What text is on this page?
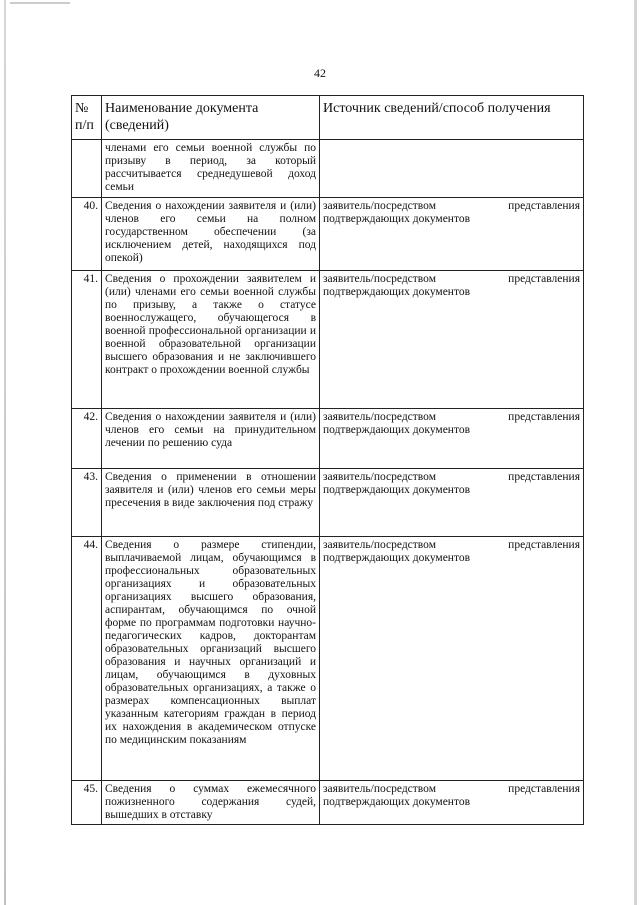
42
№ п/п	Наименование документа (сведений)	Источник сведений/способ получения
	членами его семьи военной службы по призыву в период, за который рассчитывается среднедушевой доход семьи	
40.	Сведения о нахождении заявителя и (или) членов его семьи на полном государственном обеспечении (за исключением детей, находящихся под опекой)	заявитель/посредством представления подтверждающих документов
41.	Сведения о прохождении заявителем и (или) членами его семьи военной службы по призыву, а также о статусе военнослужащего, обучающегося в военной профессиональной организации и военной образовательной организации высшего образования и не заключившего контракт о прохождении военной службы	заявитель/посредством представления подтверждающих документов
42.	Сведения о нахождении заявителя и (или) членов его семьи на принудительном лечении по решению суда	заявитель/посредством представления подтверждающих документов
43.	Сведения о применении в отношении заявителя и (или) членов его семьи меры пресечения в виде заключения под стражу	заявитель/посредством представления подтверждающих документов
44.	Сведения о размере стипендии, выплачиваемой лицам, обучающимся в профессиональных образовательных организациях и образовательных организациях высшего образования, аспирантам, обучающимся по очной форме по программам подготовки научно-педагогических кадров, докторантам образовательных организаций высшего образования и научных организаций и лицам, обучающимся в духовных образовательных организациях, а также о размерах компенсационных выплат указанным категориям граждан в период их нахождения в академическом отпуске по медицинским показаниям	заявитель/посредством представления подтверждающих документов
45.	Сведения о суммах ежемесячного пожизненного содержания судей, вышедших в отставку	заявитель/посредством представления подтверждающих документов
